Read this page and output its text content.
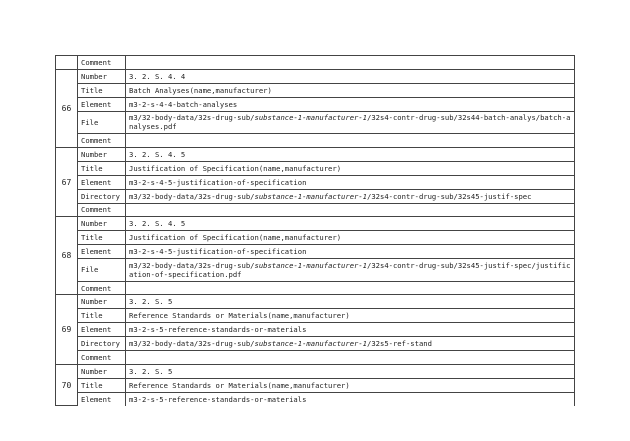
	Comment	
66	Number	3. 2. S. 4. 4
	Title	Batch Analyses(name,manufacturer)
	Element	m3-2-s-4-4-batch-analyses
	File	m3/32-body-data/32s-drug-sub/substance-1-manufacturer-1/32s4-contr-drug-sub/32s44-batch-analys/batch-analyses.pdf
	Comment	
67	Number	3. 2. S. 4. 5
	Title	Justification of Specification(name,manufacturer)
	Element	m3-2-s-4-5-justification-of-specification
	Directory	m3/32-body-data/32s-drug-sub/substance-1-manufacturer-1/32s4-contr-drug-sub/32s45-justif-spec
	Comment	
68	Number	3. 2. S. 4. 5
	Title	Justification of Specification(name,manufacturer)
	Element	m3-2-s-4-5-justification-of-specification
	File	m3/32-body-data/32s-drug-sub/substance-1-manufacturer-1/32s4-contr-drug-sub/32s45-justif-spec/justification-of-specification.pdf
	Comment	
69	Number	3. 2. S. 5
	Title	Reference Standards or Materials(name,manufacturer)
	Element	m3-2-s-5-reference-standards-or-materials
	Directory	m3/32-body-data/32s-drug-sub/substance-1-manufacturer-1/32s5-ref-stand
	Comment	
70	Number	3. 2. S. 5
	Title	Reference Standards or Materials(name,manufacturer)
	Element	m3-2-s-5-reference-standards-or-materials
